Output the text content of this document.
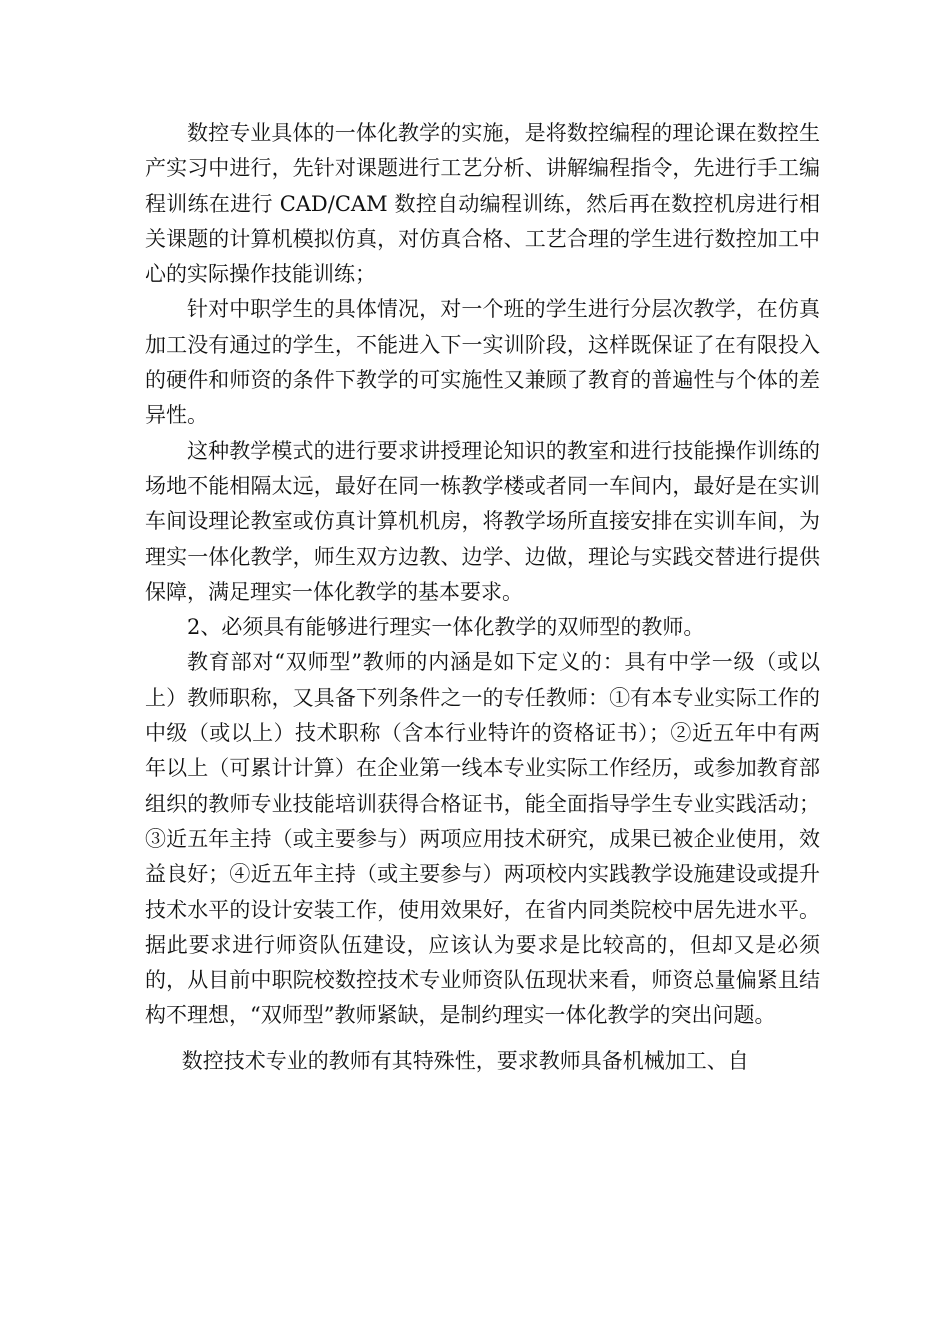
数控专业具体的一体化教学的实施，是将数控编程的理论课在数控生产实习中进行，先针对课题进行工艺分析、讲解编程指令，先进行手工编程训练在进行 CAD/CAM 数控自动编程训练，然后再在数控机房进行相关课题的计算机模拟仿真，对仿真合格、工艺合理的学生进行数控加工中心的实际操作技能训练；

针对中职学生的具体情况，对一个班的学生进行分层次教学，在仿真加工没有通过的学生，不能进入下一实训阶段，这样既保证了在有限投入的硬件和师资的条件下教学的可实施性又兼顾了教育的普遍性与个体的差异性。

这种教学模式的进行要求讲授理论知识的教室和进行技能操作训练的场地不能相隔太远，最好在同一栋教学楼或者同一车间内，最好是在实训车间设理论教室或仿真计算机机房，将教学场所直接安排在实训车间，为理实一体化教学，师生双方边教、边学、边做，理论与实践交替进行提供保障，满足理实一体化教学的基本要求。

2、必须具有能够进行理实一体化教学的双师型的教师。

教育部对“双师型”教师的内涵是如下定义的：具有中学一级（或以上）教师职称，又具备下列条件之一的专任教师：①有本专业实际工作的中级（或以上）技术职称（含本行业特许的资格证书）；②近五年中有两年以上（可累计计算）在企业第一线本专业实际工作经历，或参加教育部组织的教师专业技能培训获得合格证书，能全面指导学生专业实践活动；③近五年主持（或主要参与）两项应用技术研究，成果已被企业使用，效益良好；④近五年主持（或主要参与）两项校内实践教学设施建设或提升技术水平的设计安装工作，使用效果好，在省内同类院校中居先进水平。据此要求进行师资队伍建设，应该认为要求是比较高的，但却又是必须的，从目前中职院校数控技术专业师资队伍现状来看，师资总量偏紧且结构不理想，“双师型”教师紧缺，是制约理实一体化教学的突出问题。

数控技术专业的教师有其特殊性，要求教师具备机械加工、自
